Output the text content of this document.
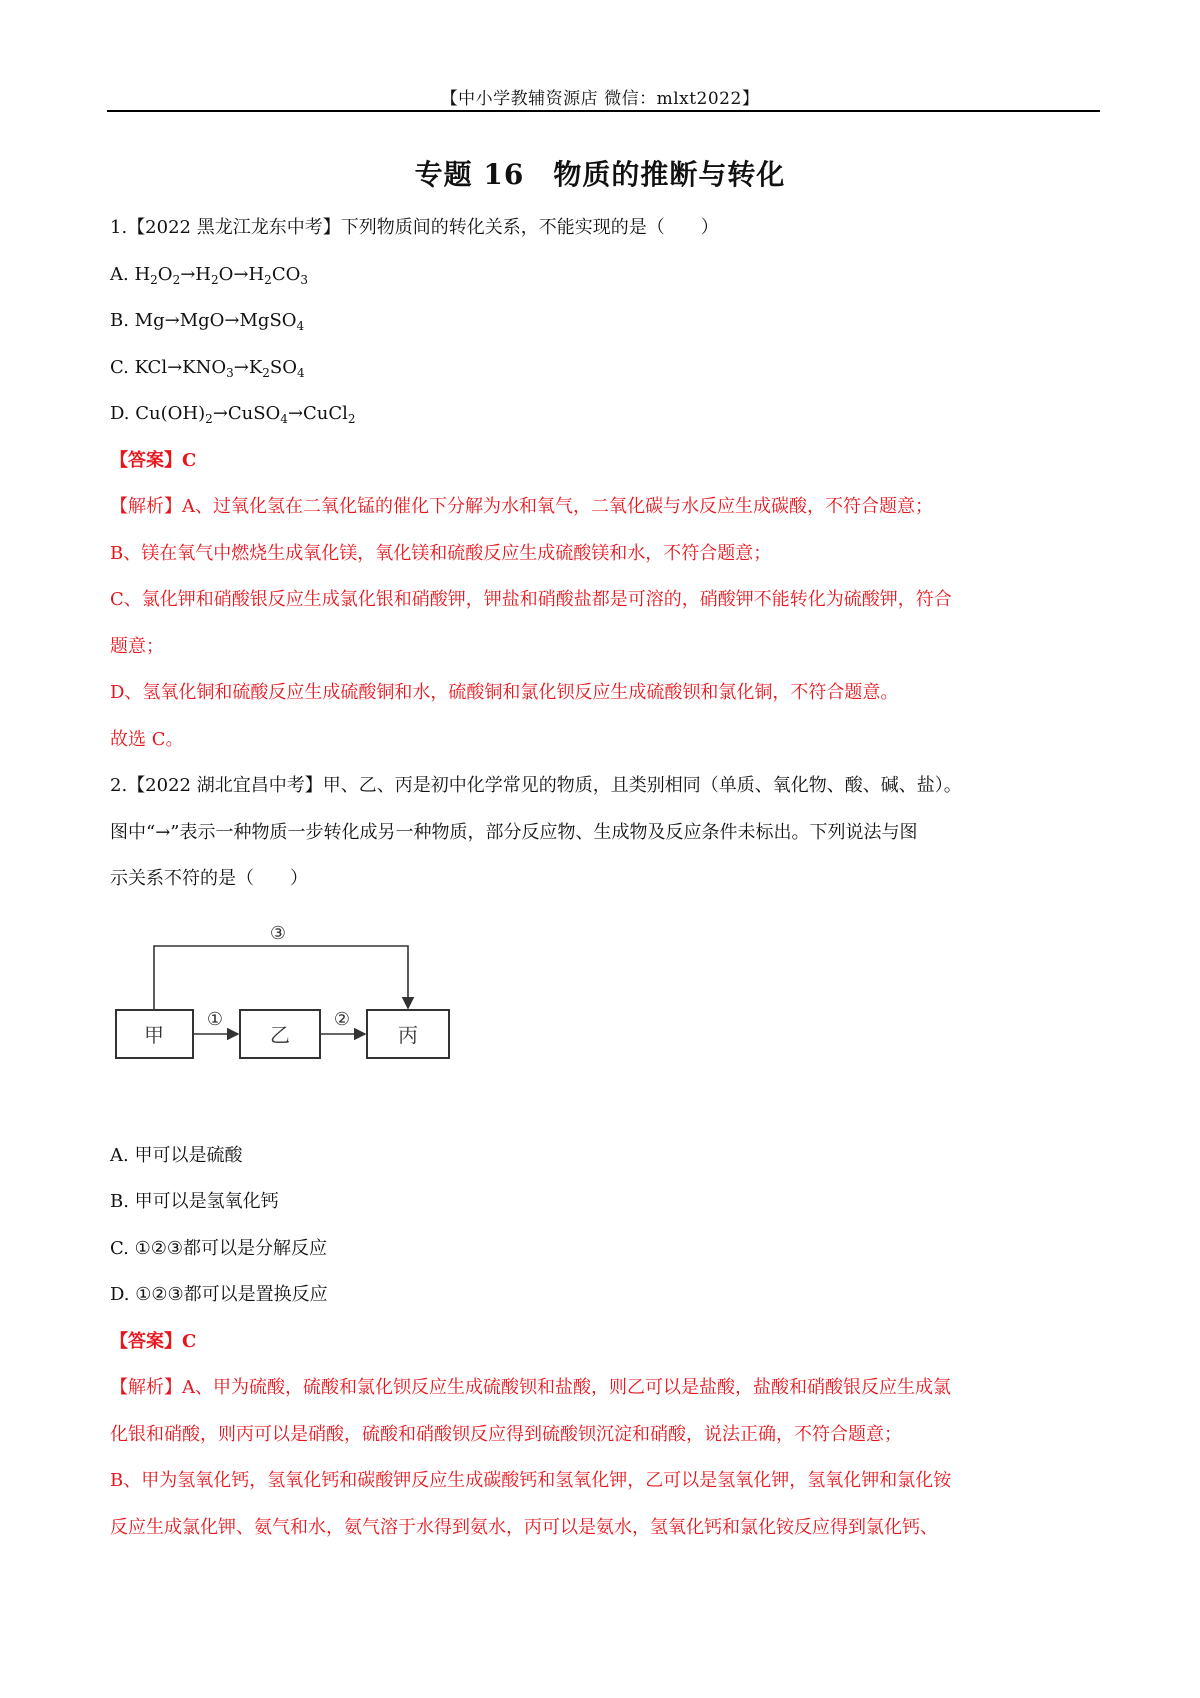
【中小学教辅资源店 微信：mlxt2022】
专题 16　物质的推断与转化
1.【2022 黑龙江龙东中考】下列物质间的转化关系，不能实现的是（　　）
A. $H_2O_2\to H_2O\to H_2CO_3$
B. Mg→MgO→MgSO$_4$
C. $KCl\to KNO_3\to K_2SO_4$
D. $Cu(OH)_2\to CuSO_4\to CuCl_2$
【答案】C
【解析】A、过氧化氢在二氧化锰的催化下分解为水和氧气，二氧化碳与水反应生成碳酸，不符合题意；
B、镁在氧气中燃烧生成氧化镁，氧化镁和硫酸反应生成硫酸镁和水，不符合题意；
C、氯化钾和硝酸银反应生成氯化银和硝酸钾，钾盐和硝酸盐都是可溶的，硝酸钾不能转化为硫酸钾，符合
题意；
D、氢氧化铜和硫酸反应生成硫酸铜和水，硫酸铜和氯化钡反应生成硫酸钡和氯化铜，不符合题意。
故选 C。
2.【2022 湖北宜昌中考】甲、乙、丙是初中化学常见的物质，且类别相同（单质、氧化物、酸、碱、盐）。
图中“→”表示一种物质一步转化成另一种物质，部分反应物、生成物及反应条件未标出。下列说法与图
示关系不符的是（　　）
甲	乙	丙
①	②
③
A. 甲可以是硫酸
B. 甲可以是氢氧化钙
C. ①②③都可以是分解反应
D. ①②③都可以是置换反应
【答案】C
【解析】A、甲为硫酸，硫酸和氯化钡反应生成硫酸钡和盐酸，则乙可以是盐酸，盐酸和硝酸银反应生成氯
化银和硝酸，则丙可以是硝酸，硫酸和硝酸钡反应得到硫酸钡沉淀和硝酸，说法正确，不符合题意；
B、甲为氢氧化钙，氢氧化钙和碳酸钾反应生成碳酸钙和氢氧化钾，乙可以是氢氧化钾，氢氧化钾和氯化铵
反应生成氯化钾、氨气和水，氨气溶于水得到氨水，丙可以是氨水，氢氧化钙和氯化铵反应得到氯化钙、
